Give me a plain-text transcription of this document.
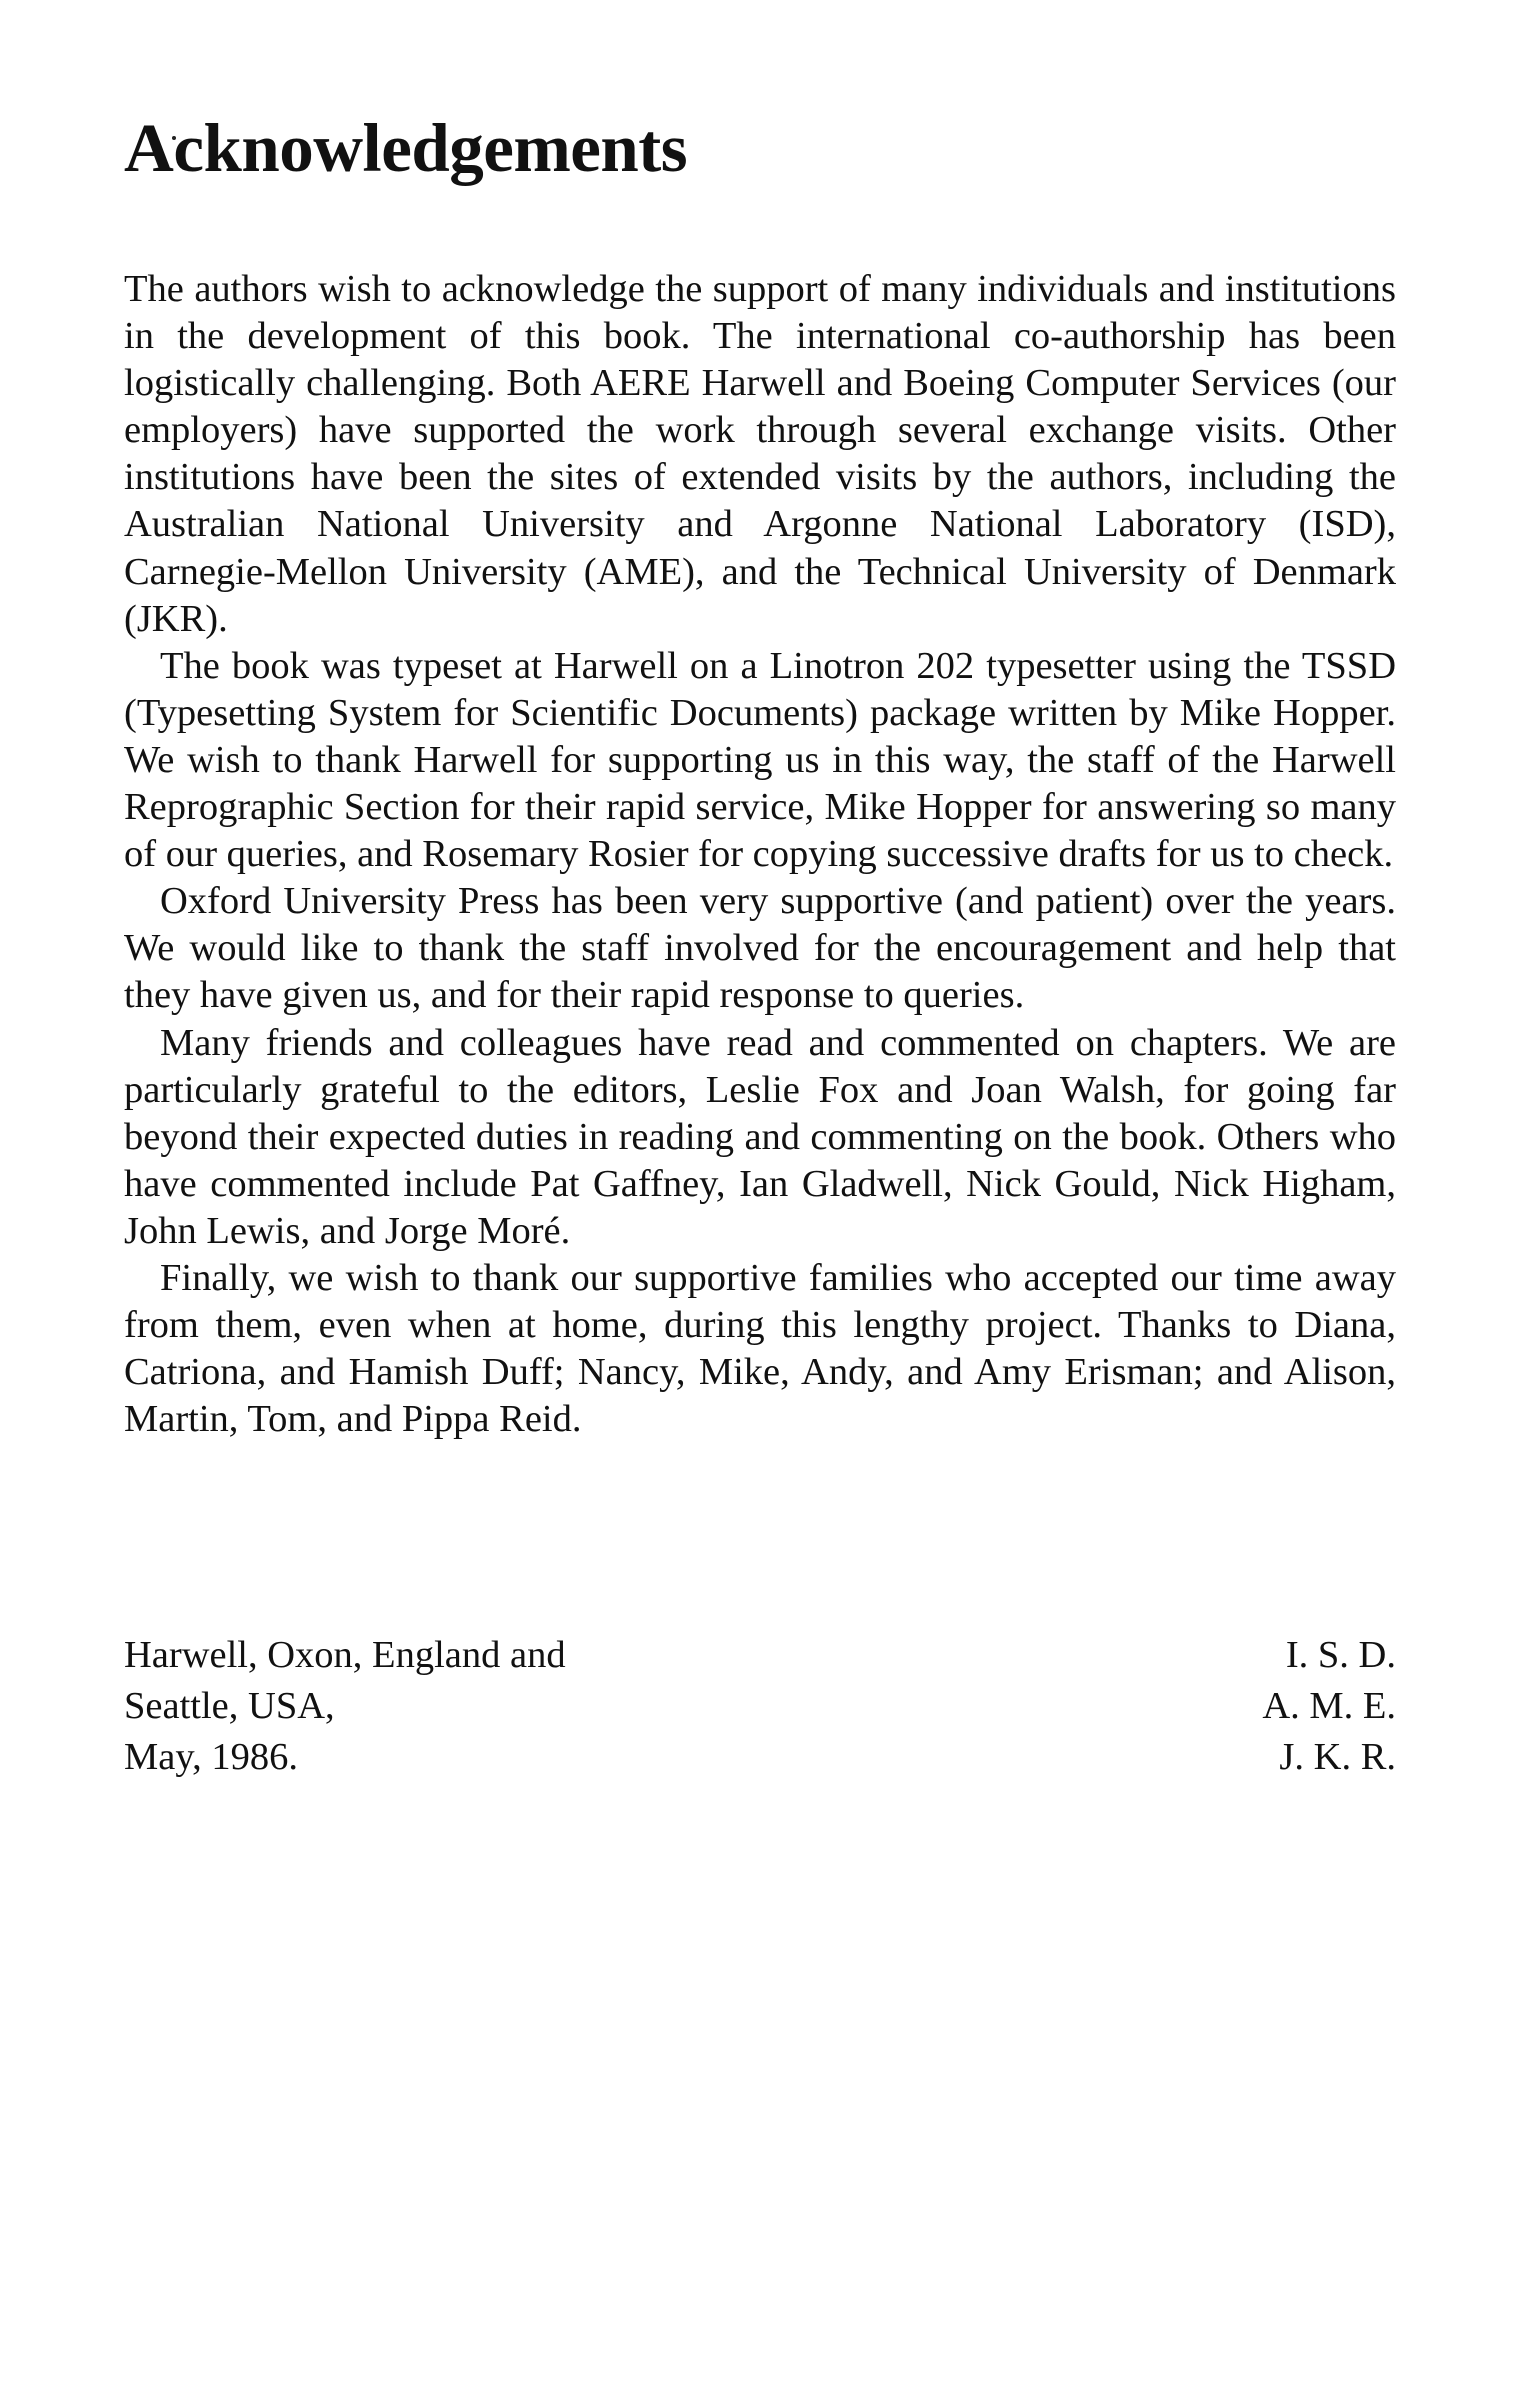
Acknowledgements

The authors wish to acknowledge the support of many individuals and institutions in the development of this book. The international co-authorship has been logistically challenging. Both AERE Harwell and Boeing Computer Services (our employers) have supported the work through several exchange visits. Other institutions have been the sites of extended visits by the authors, including the Australian National University and Argonne National Laboratory (ISD), Carnegie-Mellon University (AME), and the Technical University of Denmark (JKR).

The book was typeset at Harwell on a Linotron 202 typesetter using the TSSD (Typesetting System for Scientific Documents) package written by Mike Hopper. We wish to thank Harwell for supporting us in this way, the staff of the Harwell Reprographic Section for their rapid service, Mike Hopper for answering so many of our queries, and Rosemary Rosier for copying successive drafts for us to check.

Oxford University Press has been very supportive (and patient) over the years. We would like to thank the staff involved for the encouragement and help that they have given us, and for their rapid response to queries.

Many friends and colleagues have read and commented on chapters. We are particularly grateful to the editors, Leslie Fox and Joan Walsh, for going far beyond their expected duties in reading and commenting on the book. Others who have commented include Pat Gaffney, Ian Gladwell, Nick Gould, Nick Higham, John Lewis, and Jorge Moré.

Finally, we wish to thank our supportive families who accepted our time away from them, even when at home, during this lengthy project. Thanks to Diana, Catriona, and Hamish Duff; Nancy, Mike, Andy, and Amy Erisman; and Alison, Martin, Tom, and Pippa Reid.

Harwell, Oxon, England and
Seattle, USA,
May, 1986.
I. S. D.
A. M. E.
J. K. R.
